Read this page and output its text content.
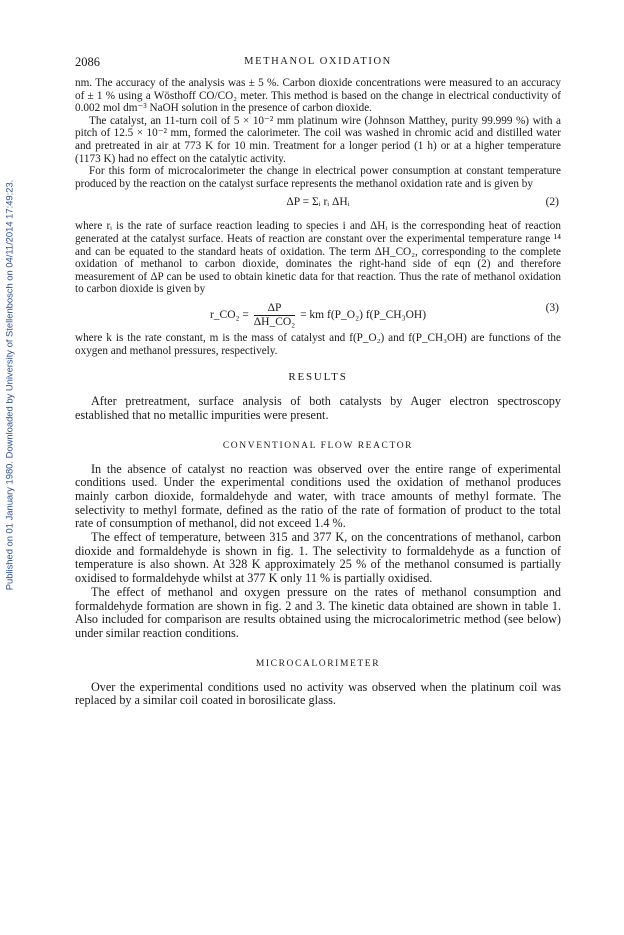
Published on 01 January 1980. Downloaded by University of Stellenbosch on 04/11/2014 17:49:23.
2086	METHANOL OXIDATION

nm. The accuracy of the analysis was ± 5 %. Carbon dioxide concentrations were measured to an accuracy of ± 1 % using a Wösthoff CO/CO₂ meter. This method is based on the change in electrical conductivity of 0.002 mol dm⁻³ NaOH solution in the presence of carbon dioxide.

The catalyst, an 11-turn coil of 5 × 10⁻² mm platinum wire (Johnson Matthey, purity 99.999 %) with a pitch of 12.5 × 10⁻² mm, formed the calorimeter. The coil was washed in chromic acid and distilled water and pretreated in air at 773 K for 10 min. Treatment for a longer period (1 h) or at a higher temperature (1173 K) had no effect on the catalytic activity.

For this form of microcalorimeter the change in electrical power consumption at constant temperature produced by the reaction on the catalyst surface represents the methanol oxidation rate and is given by

ΔP = Σᵢ rᵢ ΔHᵢ	(2)

where rᵢ is the rate of surface reaction leading to species i and ΔHᵢ is the corresponding heat of reaction generated at the catalyst surface. Heats of reaction are constant over the experimental temperature range ¹⁴ and can be equated to the standard heats of oxidation. The term ΔH_CO₂, corresponding to the complete oxidation of methanol to carbon dioxide, dominates the right-hand side of eqn (2) and therefore measurement of ΔP can be used to obtain kinetic data for that reaction. Thus the rate of methanol oxidation to carbon dioxide is given by

r_CO₂ = $\frac{\Delta P}{\text{ΔH\_CO₂}}$ = km f(P_O₂) f(P_CH₃OH)
(3)

where k is the rate constant, m is the mass of catalyst and f(P_O₂) and f(P_CH₃OH) are functions of the oxygen and methanol pressures, respectively.

RESULTS

After pretreatment, surface analysis of both catalysts by Auger electron spectroscopy established that no metallic impurities were present.

CONVENTIONAL FLOW REACTOR

In the absence of catalyst no reaction was observed over the entire range of experimental conditions used. Under the experimental conditions used the oxidation of methanol produces mainly carbon dioxide, formaldehyde and water, with trace amounts of methyl formate. The selectivity to methyl formate, defined as the ratio of the rate of formation of product to the total rate of consumption of methanol, did not exceed 1.4 %.

The effect of temperature, between 315 and 377 K, on the concentrations of methanol, carbon dioxide and formaldehyde is shown in fig. 1. The selectivity to formaldehyde as a function of temperature is also shown. At 328 K approximately 25 % of the methanol consumed is partially oxidised to formaldehyde whilst at 377 K only 11 % is partially oxidised.

The effect of methanol and oxygen pressure on the rates of methanol consumption and formaldehyde formation are shown in fig. 2 and 3. The kinetic data obtained are shown in table 1. Also included for comparison are results obtained using the microcalorimetric method (see below) under similar reaction conditions.

MICROCALORIMETER

Over the experimental conditions used no activity was observed when the platinum coil was replaced by a similar coil coated in borosilicate glass.
